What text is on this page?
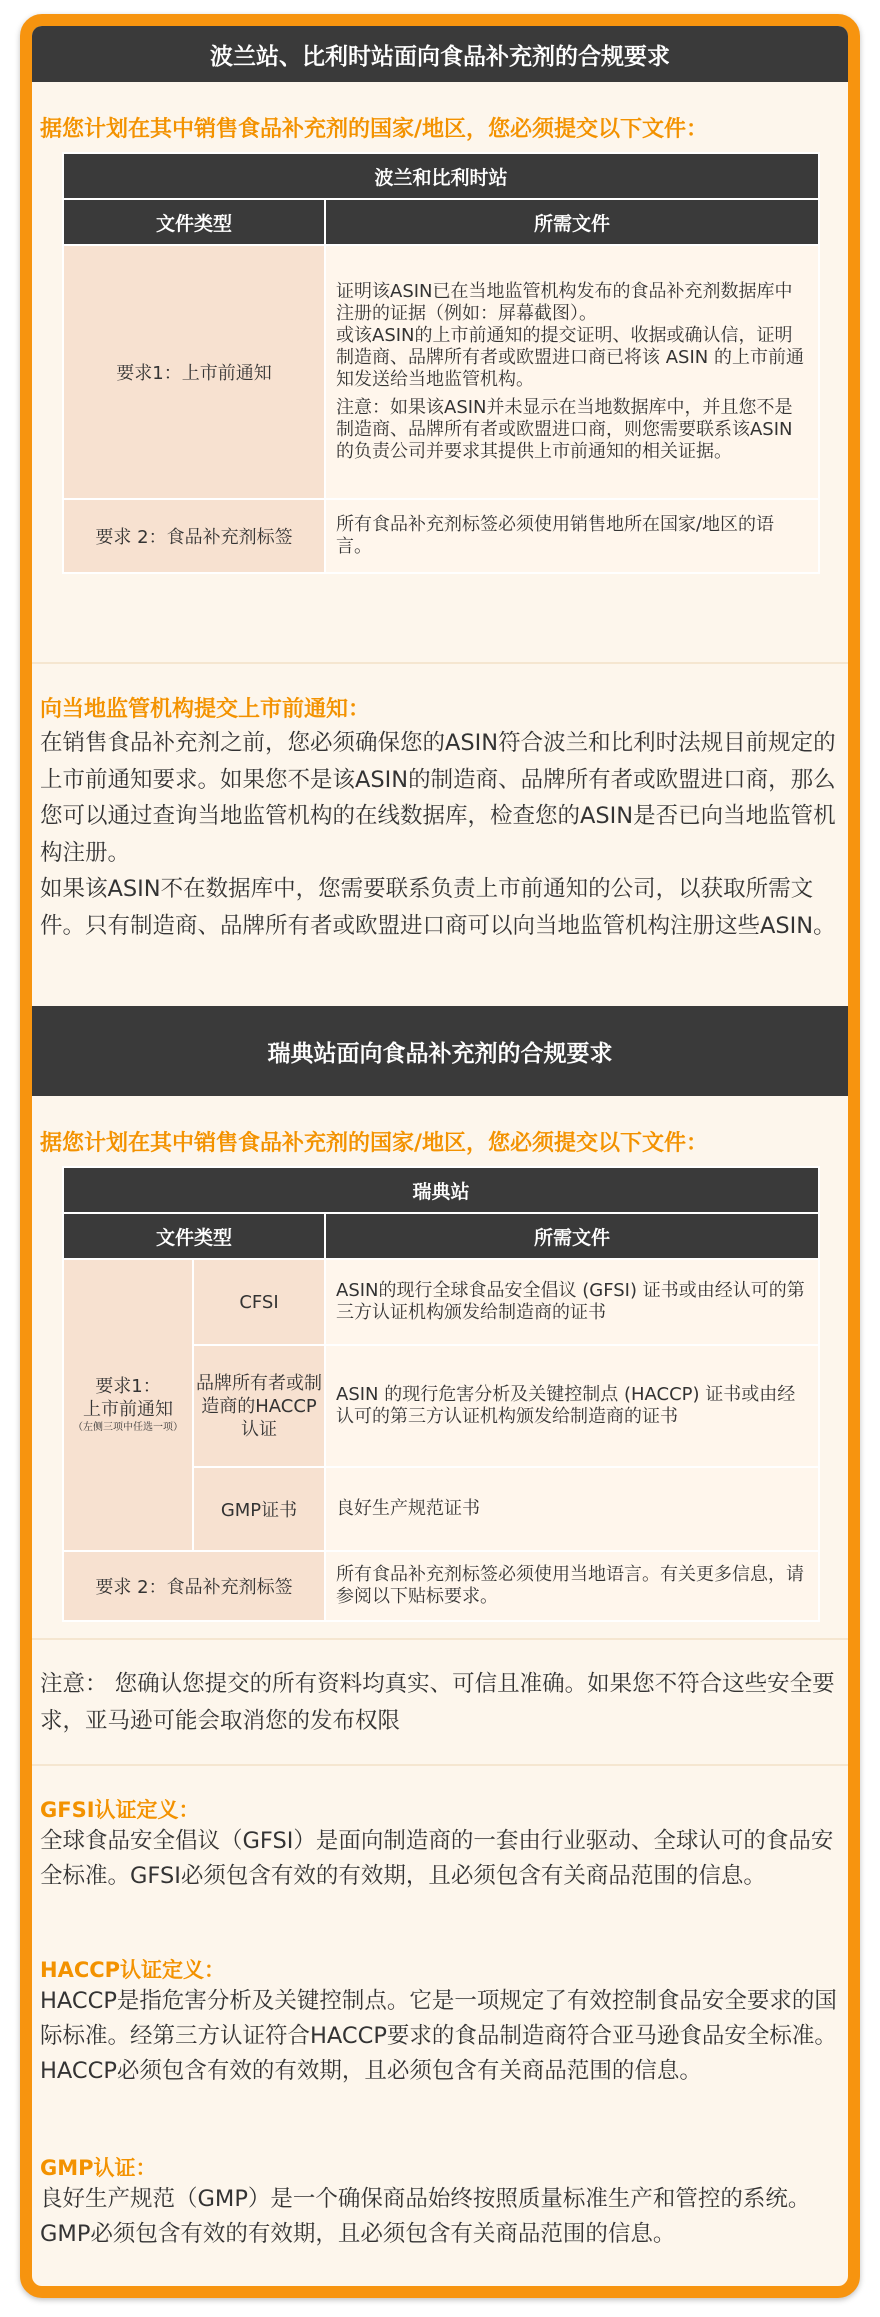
波兰站、比利时站面向食品补充剂的合规要求
据您计划在其中销售食品补充剂的国家/地区，您必须提交以下文件：
波兰和比利时站	
文件类型	所需文件
要求1：上市前通知	证明该ASIN已在当地监管机构发布的食品补充剂数据库中注册的证据（例如：屏幕截图）。
或该ASIN的上市前通知的提交证明、收据或确认信，证明制造商、品牌所有者或欧盟进口商已将该 ASIN 的上市前通知发送给当地监管机构。
注意：如果该ASIN并未显示在当地数据库中，并且您不是制造商、品牌所有者或欧盟进口商，则您需要联系该ASIN的负责公司并要求其提供上市前通知的相关证据。

要求 2：食品补充剂标签	所有食品补充剂标签必须使用销售地所在国家/地区的语言。
向当地监管机构提交上市前通知：
在销售食品补充剂之前，您必须确保您的ASIN符合波兰和比利时法规目前规定的上市前通知要求。如果您不是该ASIN的制造商、品牌所有者或欧盟进口商，那么您可以通过查询当地监管机构的在线数据库，检查您的ASIN是否已向当地监管机构注册。
如果该ASIN不在数据库中，您需要联系负责上市前通知的公司，以获取所需文件。只有制造商、品牌所有者或欧盟进口商可以向当地监管机构注册这些ASIN。
瑞典站面向食品补充剂的合规要求
据您计划在其中销售食品补充剂的国家/地区，您必须提交以下文件：
瑞典站		
文件类型		所需文件
要求1：
上市前通知
（左侧三项中任选一项）	CFSI	ASIN的现行全球食品安全倡议 (GFSI) 证书或由经认可的第三方认证机构颁发给制造商的证书
	品牌所有者或制造商的HACCP认证	ASIN 的现行危害分析及关键控制点 (HACCP) 证书或由经认可的第三方认证机构颁发给制造商的证书
	GMP证书	良好生产规范证书
要求 2：食品补充剂标签		所有食品补充剂标签必须使用当地语言。有关更多信息，请参阅以下贴标要求。
注意： 您确认您提交的所有资料均真实、可信且准确。如果您不符合这些安全要求，亚马逊可能会取消您的发布权限
GFSI认证定义：
全球食品安全倡议（GFSI）是面向制造商的一套由行业驱动、全球认可的食品安全标准。GFSI必须包含有效的有效期，且必须包含有关商品范围的信息。
HACCP认证定义：
HACCP是指危害分析及关键控制点。它是一项规定了有效控制食品安全要求的国际标准。经第三方认证符合HACCP要求的食品制造商符合亚马逊食品安全标准。HACCP必须包含有效的有效期，且必须包含有关商品范围的信息。
GMP认证：
良好生产规范（GMP）是一个确保商品始终按照质量标准生产和管控的系统。GMP必须包含有效的有效期，且必须包含有关商品范围的信息。
